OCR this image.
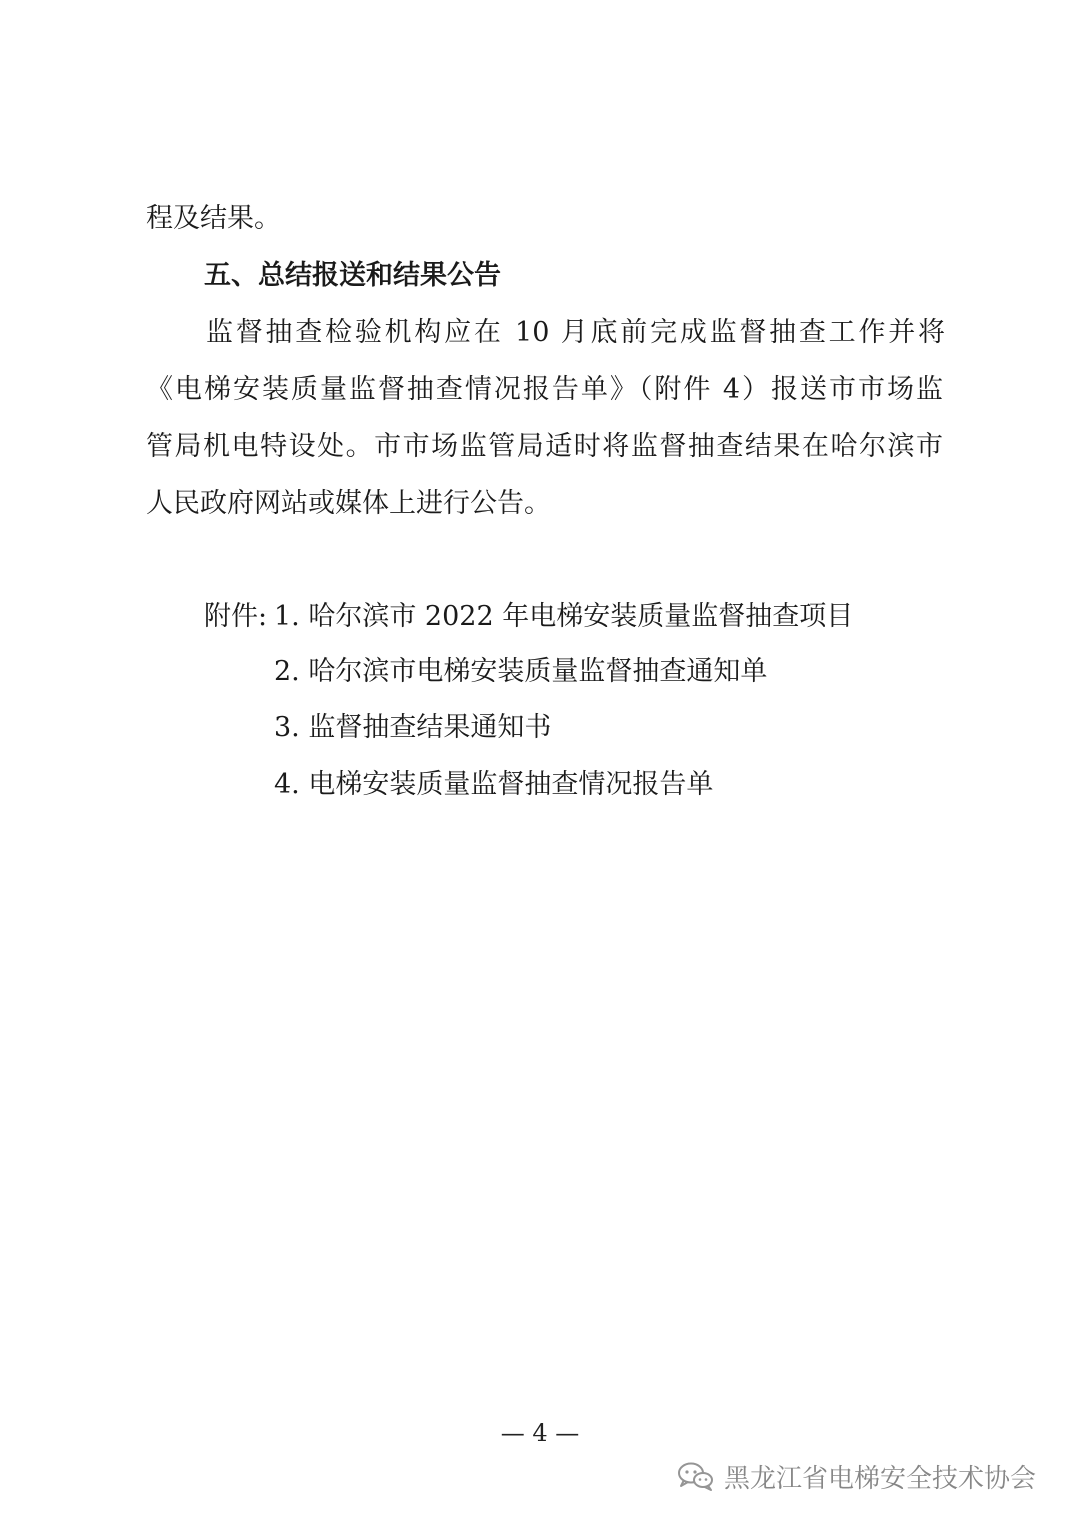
程及结果。
五、总结报送和结果公告
监督抽查检验机构应在 10 月底前完成监督抽查工作并将
《电梯安装质量监督抽查情况报告单》（附件 4）报送市市场监
管局机电特设处。市市场监管局适时将监督抽查结果在哈尔滨市
人民政府网站或媒体上进行公告。
附件: 1. 哈尔滨市 2022 年电梯安装质量监督抽查项目
2. 哈尔滨市电梯安装质量监督抽查通知单
3. 监督抽查结果通知书
4. 电梯安装质量监督抽查情况报告单
— 4 —
黑龙江省电梯安全技术协会
